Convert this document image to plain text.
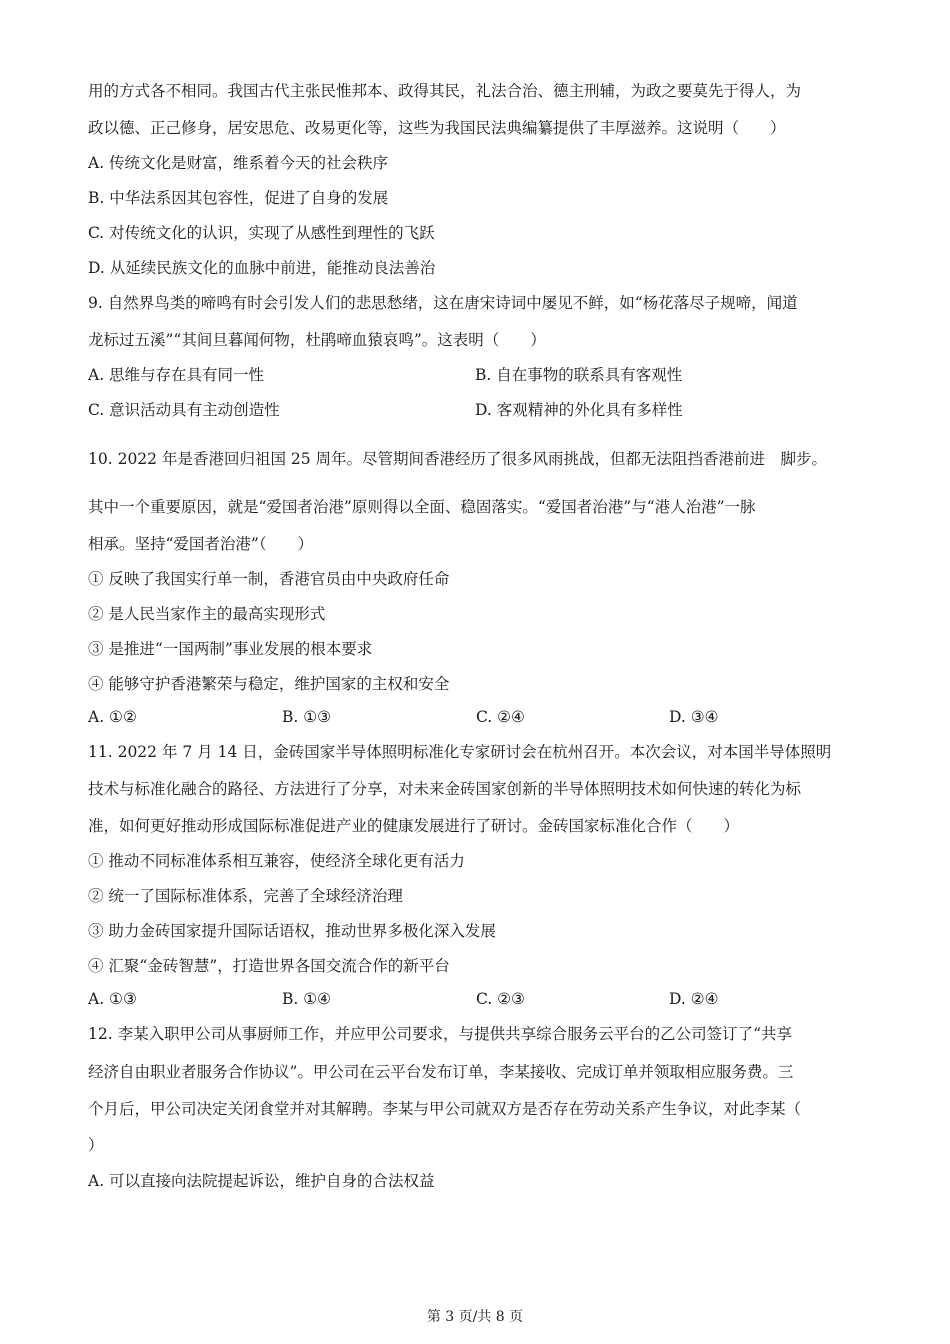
用的方式各不相同。我国古代主张民惟邦本、政得其民，礼法合治、德主刑辅，为政之要莫先于得人，为
政以德、正己修身，居安思危、改易更化等，这些为我国民法典编纂提供了丰厚滋养。这说明（　　）
A. 传统文化是财富，维系着今天的社会秩序
B. 中华法系因其包容性，促进了自身的发展
C. 对传统文化的认识，实现了从感性到理性的飞跃
D. 从延续民族文化的血脉中前进，能推动良法善治
9. 自然界鸟类的啼鸣有时会引发人们的悲思愁绪，这在唐宋诗词中屡见不鲜，如“杨花落尽子规啼，闻道
龙标过五溪”“其间旦暮闻何物，杜鹃啼血猿哀鸣”。这表明（　　）
A. 思维与存在具有同一性	B. 自在事物的联系具有客观性
C. 意识活动具有主动创造性	D. 客观精神的外化具有多样性
10. 2022 年是香港回归祖国 25 周年。尽管期间香港经历了很多风雨挑战，但都无法阻挡香港前进　脚步。
其中一个重要原因，就是“爱国者治港”原则得以全面、稳固落实。“爱国者治港”与“港人治港”一脉
相承。坚持“爱国者治港”（　　）
① 反映了我国实行单一制，香港官员由中央政府任命
② 是人民当家作主的最高实现形式
③ 是推进“一国两制”事业发展的根本要求
④ 能够守护香港繁荣与稳定，维护国家的主权和安全
A. ①②	B. ①③	C. ②④	D. ③④
11. 2022 年 7 月 14 日，金砖国家半导体照明标准化专家研讨会在杭州召开。本次会议，对本国半导体照明
技术与标准化融合的路径、方法进行了分享，对未来金砖国家创新的半导体照明技术如何快速的转化为标
准，如何更好推动形成国际标准促进产业的健康发展进行了研讨。金砖国家标准化合作（　　）
① 推动不同标准体系相互兼容，使经济全球化更有活力
② 统一了国际标准体系，完善了全球经济治理
③ 助力金砖国家提升国际话语权，推动世界多极化深入发展
④ 汇聚“金砖智慧”，打造世界各国交流合作的新平台
A. ①③	B. ①④	C. ②③	D. ②④
12. 李某入职甲公司从事厨师工作，并应甲公司要求，与提供共享综合服务云平台的乙公司签订了“共享
经济自由职业者服务合作协议”。甲公司在云平台发布订单，李某接收、完成订单并领取相应服务费。三
个月后，甲公司决定关闭食堂并对其解聘。李某与甲公司就双方是否存在劳动关系产生争议，对此李某（
）
A. 可以直接向法院提起诉讼，维护自身的合法权益
第 3 页/共 8 页
